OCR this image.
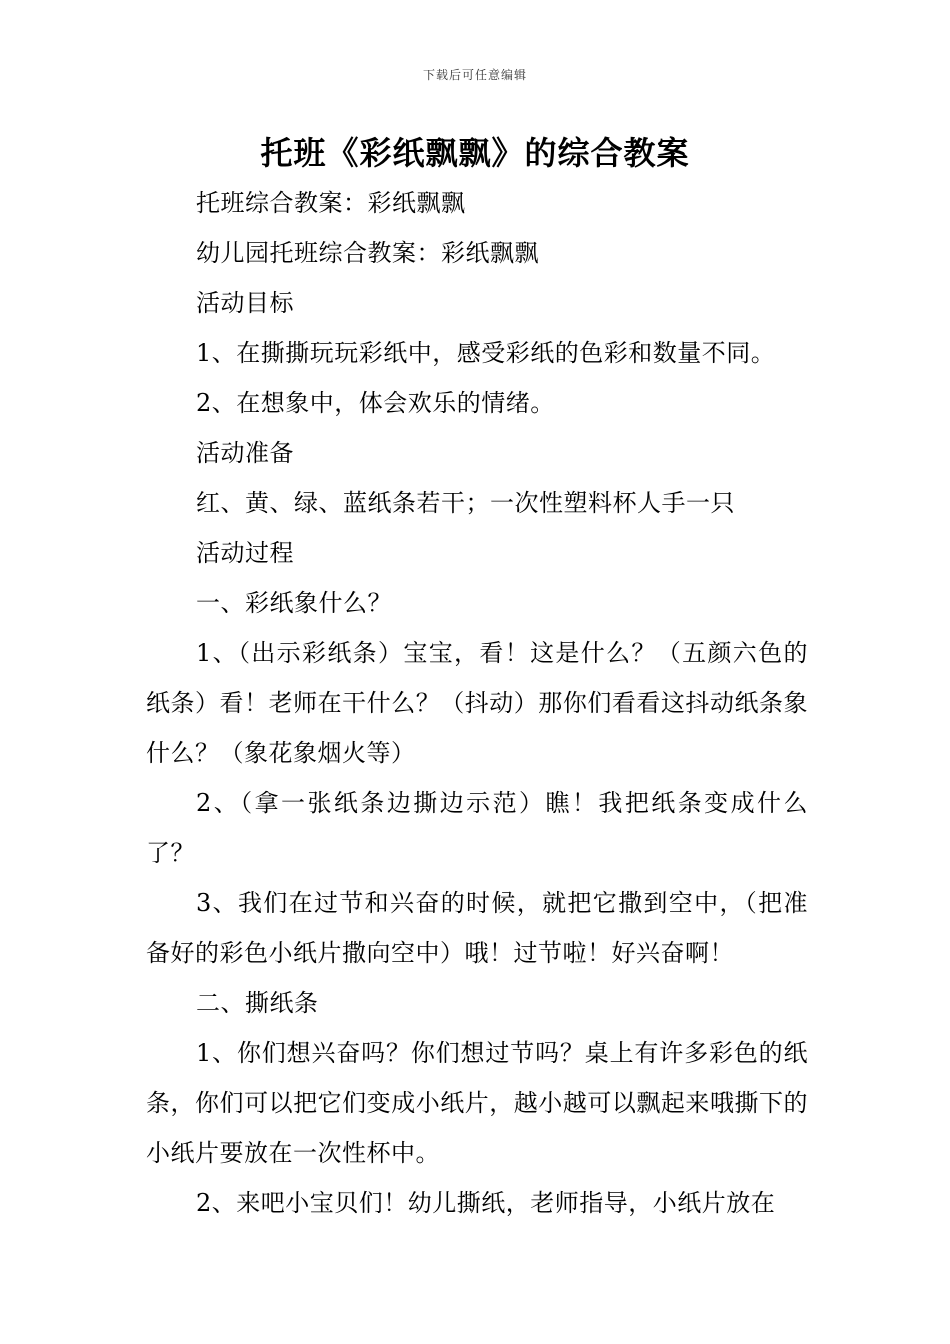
下载后可任意编辑
托班《彩纸飘飘》的综合教案

托班综合教案：彩纸飘飘

幼儿园托班综合教案：彩纸飘飘

活动目标

1、在撕撕玩玩彩纸中，感受彩纸的色彩和数量不同。

2、在想象中，体会欢乐的情绪。

活动准备

红、黄、绿、蓝纸条若干；一次性塑料杯人手一只

活动过程

一、彩纸象什么？

1、（出示彩纸条）宝宝，看！这是什么？（五颜六色的纸条）看！老师在干什么？（抖动）那你们看看这抖动纸条象什么？（象花象烟火等）

2、（拿一张纸条边撕边示范）瞧！我把纸条变成什么了？

3、我们在过节和兴奋的时候，就把它撒到空中，（把准备好的彩色小纸片撒向空中）哦！过节啦！好兴奋啊！

二、撕纸条

1、你们想兴奋吗？你们想过节吗？桌上有许多彩色的纸条，你们可以把它们变成小纸片，越小越可以飘起来哦撕下的小纸片要放在一次性杯中。

2、来吧小宝贝们！幼儿撕纸，老师指导，小纸片放在
